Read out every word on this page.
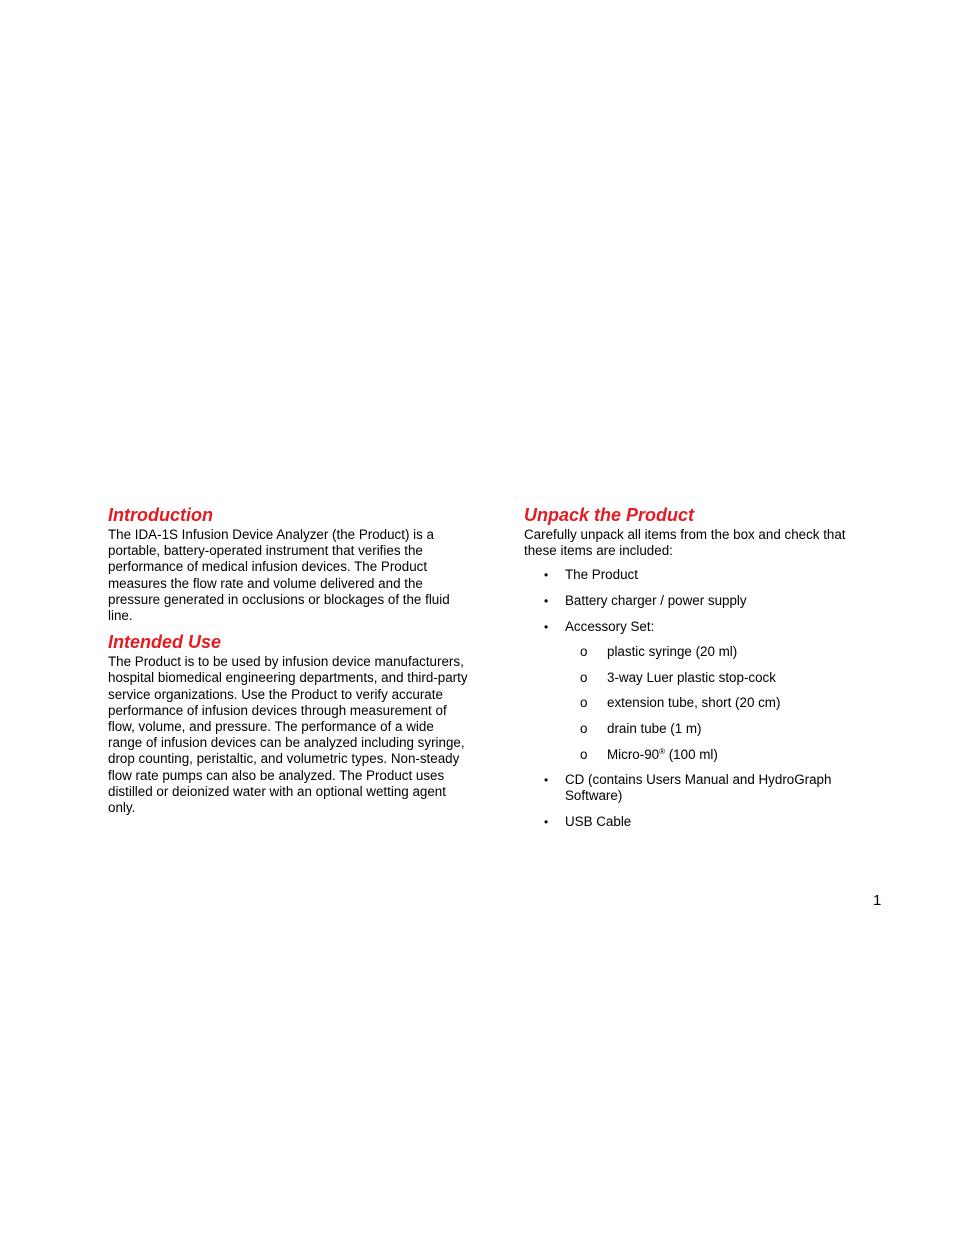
Introduction

The IDA-1S Infusion Device Analyzer (the Product) is a portable, battery-operated instrument that verifies the performance of medical infusion devices. The Product measures the flow rate and volume delivered and the pressure generated in occlusions or blockages of the fluid line.

Intended Use

The Product is to be used by infusion device manufacturers, hospital biomedical engineering departments, and third-party service organizations. Use the Product to verify accurate performance of infusion devices through measurement of flow, volume, and pressure. The performance of a wide range of infusion devices can be analyzed including syringe, drop counting, peristaltic, and volumetric types. Non-steady flow rate pumps can also be analyzed. The Product uses distilled or deionized water with an optional wetting agent only.

Unpack the Product

Carefully unpack all items from the box and check that these items are included:

• The Product
• Battery charger / power supply
• Accessory Set:
o plastic syringe (20 ml)
o 3-way Luer plastic stop-cock
o extension tube, short (20 cm)
o drain tube (1 m)
o Micro-90® (100 ml)
• CD (contains Users Manual and HydroGraph Software)
• USB Cable
1
